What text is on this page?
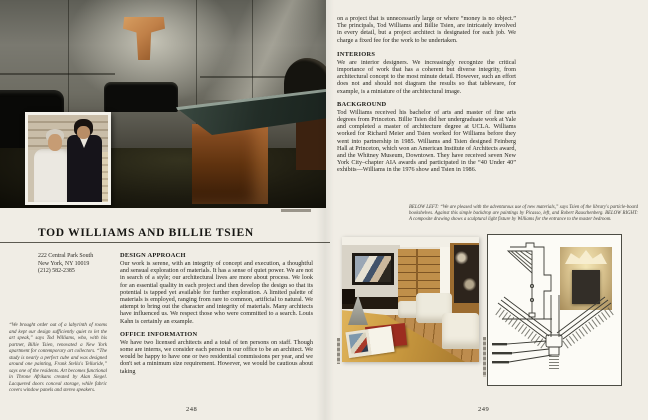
TOD WILLIAMS AND BILLIE TSIEN
222 Central Park South
New York, NY 10019
(212) 582-2385
DESIGN APPROACH

Our work is serene, with an integrity of concept and execution, a thoughtful and sensual exploration of materials. It has a sense of quiet power. We are not in search of a style; our architectural lives are more about process. We look for an essential quality in each project and then develop the design so that its potential is tapped yet available for further exploration. A limited palette of materials is employed, ranging from rare to common, artificial to natural. We attempt to bring out the character and integrity of materials. Many architects have influenced us. We respect those who were committed to a search. Louis Kahn is certainly an example.

OFFICE INFORMATION

We have two licensed architects and a total of ten persons on staff. Though some are interns, we consider each person in our office to be an architect. We would be happy to have one or two residential commissions per year, and we don't set a minimum size requirement. However, we would be cautious about taking

“We brought order out of a labyrinth of rooms and kept our design sufficiently quiet to let the art speak,” says Tod Williams, who, with his partner, Billie Tsien, renovated a New York apartment for contemporary art collectors. “The study is nearly a perfect cube and was designed around one painting, Frank Stella's Telluride,” says one of the residents. Art becomes functional in Throne Afrikans created by Alan Siegel. Lacquered doors conceal storage, while fabric covers window panels and stereo speakers.
248

on a project that is unnecessarily large or where “money is no object.” The principals, Tod Williams and Billie Tsien, are intricately involved in every detail, but a project architect is designated for each job. We charge a fixed fee for the work to be undertaken.

INTERIORS

We are interior designers. We increasingly recognize the critical importance of work that has a coherent but diverse integrity, from architectural concept to the most minute detail. However, such an effort does not and should not diagram the results so that tableware, for example, is a miniature of the architectural image.

BACKGROUND

Tod Williams received his bachelor of arts and master of fine arts degrees from Princeton. Billie Tsien did her undergraduate work at Yale and completed a master of architecture degree at UCLA. Williams worked for Richard Meier and Tsien worked for Williams before they went into partnership in 1985. Williams and Tsien designed Feinberg Hall at Princeton, which won an American Institute of Architects award, and the Whitney Museum, Downtown. They have received seven New York City–chapter AIA awards and participated in the “40 Under 40” exhibits—Williams in the 1976 show and Tsien in 1986.

BELOW LEFT: “We are pleased with the adventurous use of new materials,” says Tsien of the library's particle-board bookshelves. Against this simple backdrop are paintings by Picasso, left, and Robert Rauschenberg. BELOW RIGHT: A composite drawing shows a sculptural light fixture by Williams for the entrance to the master bedroom.
249
